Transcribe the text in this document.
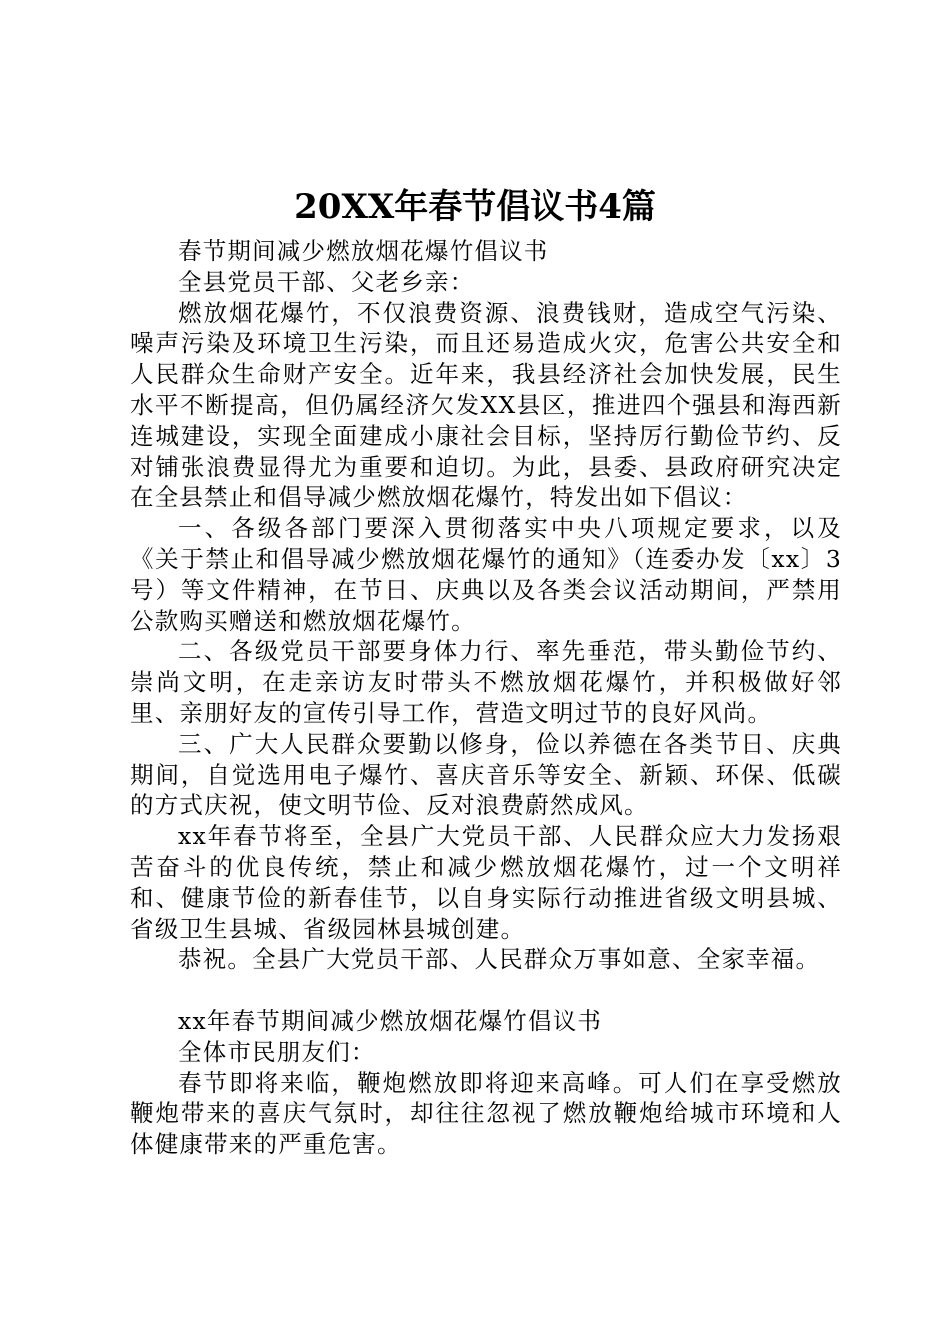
20XX年春节倡议书4篇

春节期间减少燃放烟花爆竹倡议书

全县党员干部、父老乡亲：

燃放烟花爆竹，不仅浪费资源、浪费钱财，造成空气污染、噪声污染及环境卫生污染，而且还易造成火灾，危害公共安全和人民群众生命财产安全。近年来，我县经济社会加快发展，民生水平不断提高，但仍属经济欠发XX县区，推进四个强县和海西新连城建设，实现全面建成小康社会目标，坚持厉行勤俭节约、反对铺张浪费显得尤为重要和迫切。为此，县委、县政府研究决定在全县禁止和倡导减少燃放烟花爆竹，特发出如下倡议：

一、各级各部门要深入贯彻落实中央八项规定要求，以及《关于禁止和倡导减少燃放烟花爆竹的通知》（连委办发〔xx〕3号）等文件精神，在节日、庆典以及各类会议活动期间，严禁用公款购买赠送和燃放烟花爆竹。

二、各级党员干部要身体力行、率先垂范，带头勤俭节约、崇尚文明，在走亲访友时带头不燃放烟花爆竹，并积极做好邻里、亲朋好友的宣传引导工作，营造文明过节的良好风尚。

三、广大人民群众要勤以修身，俭以养德在各类节日、庆典期间，自觉选用电子爆竹、喜庆音乐等安全、新颖、环保、低碳的方式庆祝，使文明节俭、反对浪费蔚然成风。

xx年春节将至，全县广大党员干部、人民群众应大力发扬艰苦奋斗的优良传统，禁止和减少燃放烟花爆竹，过一个文明祥和、健康节俭的新春佳节，以自身实际行动推进省级文明县城、省级卫生县城、省级园林县城创建。

恭祝。全县广大党员干部、人民群众万事如意、全家幸福。

xx年春节期间减少燃放烟花爆竹倡议书

全体市民朋友们：

春节即将来临，鞭炮燃放即将迎来高峰。可人们在享受燃放鞭炮带来的喜庆气氛时，却往往忽视了燃放鞭炮给城市环境和人体健康带来的严重危害。
